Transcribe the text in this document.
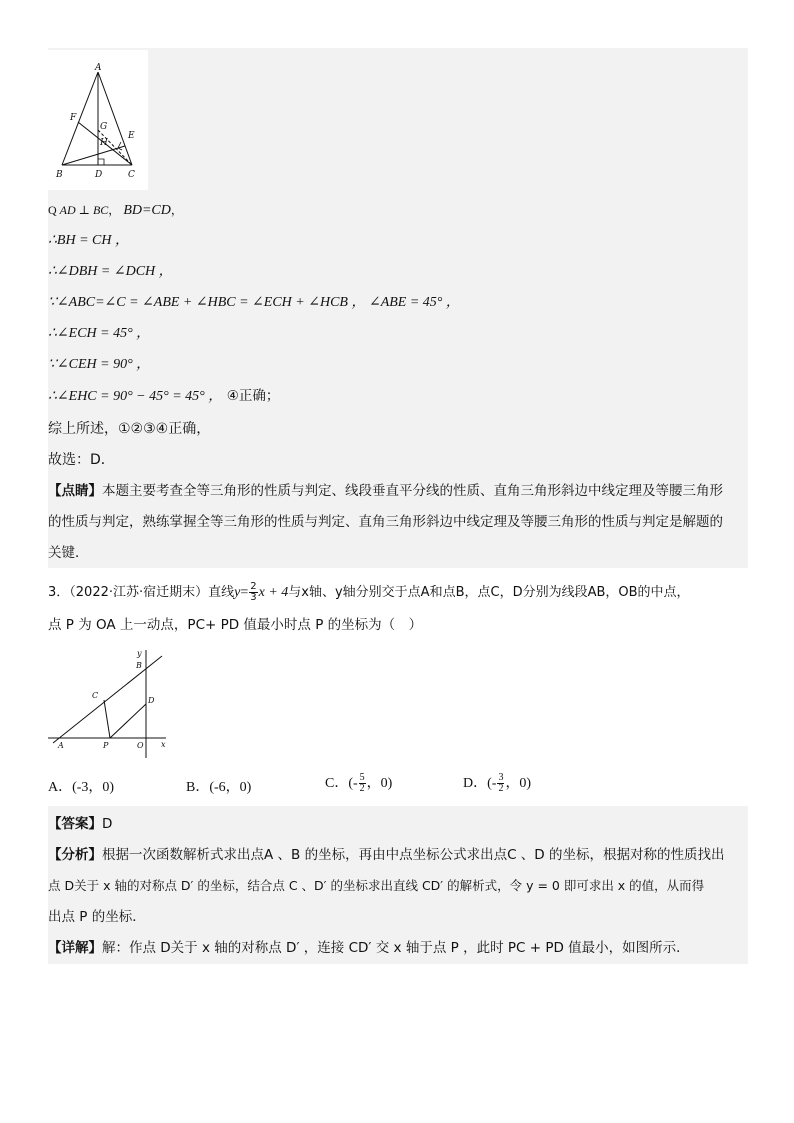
A
B	C
D
E
F
G
H
Q AD ⊥ BC， BD=CD，
∴BH = CH ，
∴∠DBH = ∠DCH ，
∵∠ABC=∠C = ∠ABE + ∠HBC = ∠ECH + ∠HCB ， ∠ABE = 45° ，
∴∠ECH = 45° ，
∵∠CEH = 90° ，
∴∠EHC = 90° − 45° = 45° ， ④正确；
综上所述，①②③④正确，
故选：D．
【点睛】本题主要考查全等三角形的性质与判定、线段垂直平分线的性质、直角三角形斜边中线定理及等腰三角形
的性质与判定，熟练掌握全等三角形的性质与判定、直角三角形斜边中线定理及等腰三角形的性质与判定是解题的
关键．
3．（2022·江苏·宿迁期末）直线$y= \frac{2}{3}$ x + 4与x轴、y轴分别交于点A和点B，点C，D分别为线段AB，OB的中点，
点 P 为 OA 上一动点，PC+ PD 值最小时点 P 的坐标为（　）
y
B
C
D
A	P	O x
A．(-3，0)	B．(-6，0)	C．(- $\frac{5}{2}$ ，0)	D．(- $\frac{3}{2}$ ，0)
【答案】D
【分析】根据一次函数解析式求出点A 、B 的坐标，再由中点坐标公式求出点C 、D 的坐标，根据对称的性质找出
点 D关于 x 轴的对称点 D′ 的坐标，结合点 C 、D′ 的坐标求出直线 CD′ 的解析式，令 y = 0 即可求出 x 的值，从而得
出点 P 的坐标．
【详解】解：作点 D关于 x 轴的对称点 D′ ，连接 CD′ 交 x 轴于点 P ，此时 PC + PD 值最小，如图所示．
